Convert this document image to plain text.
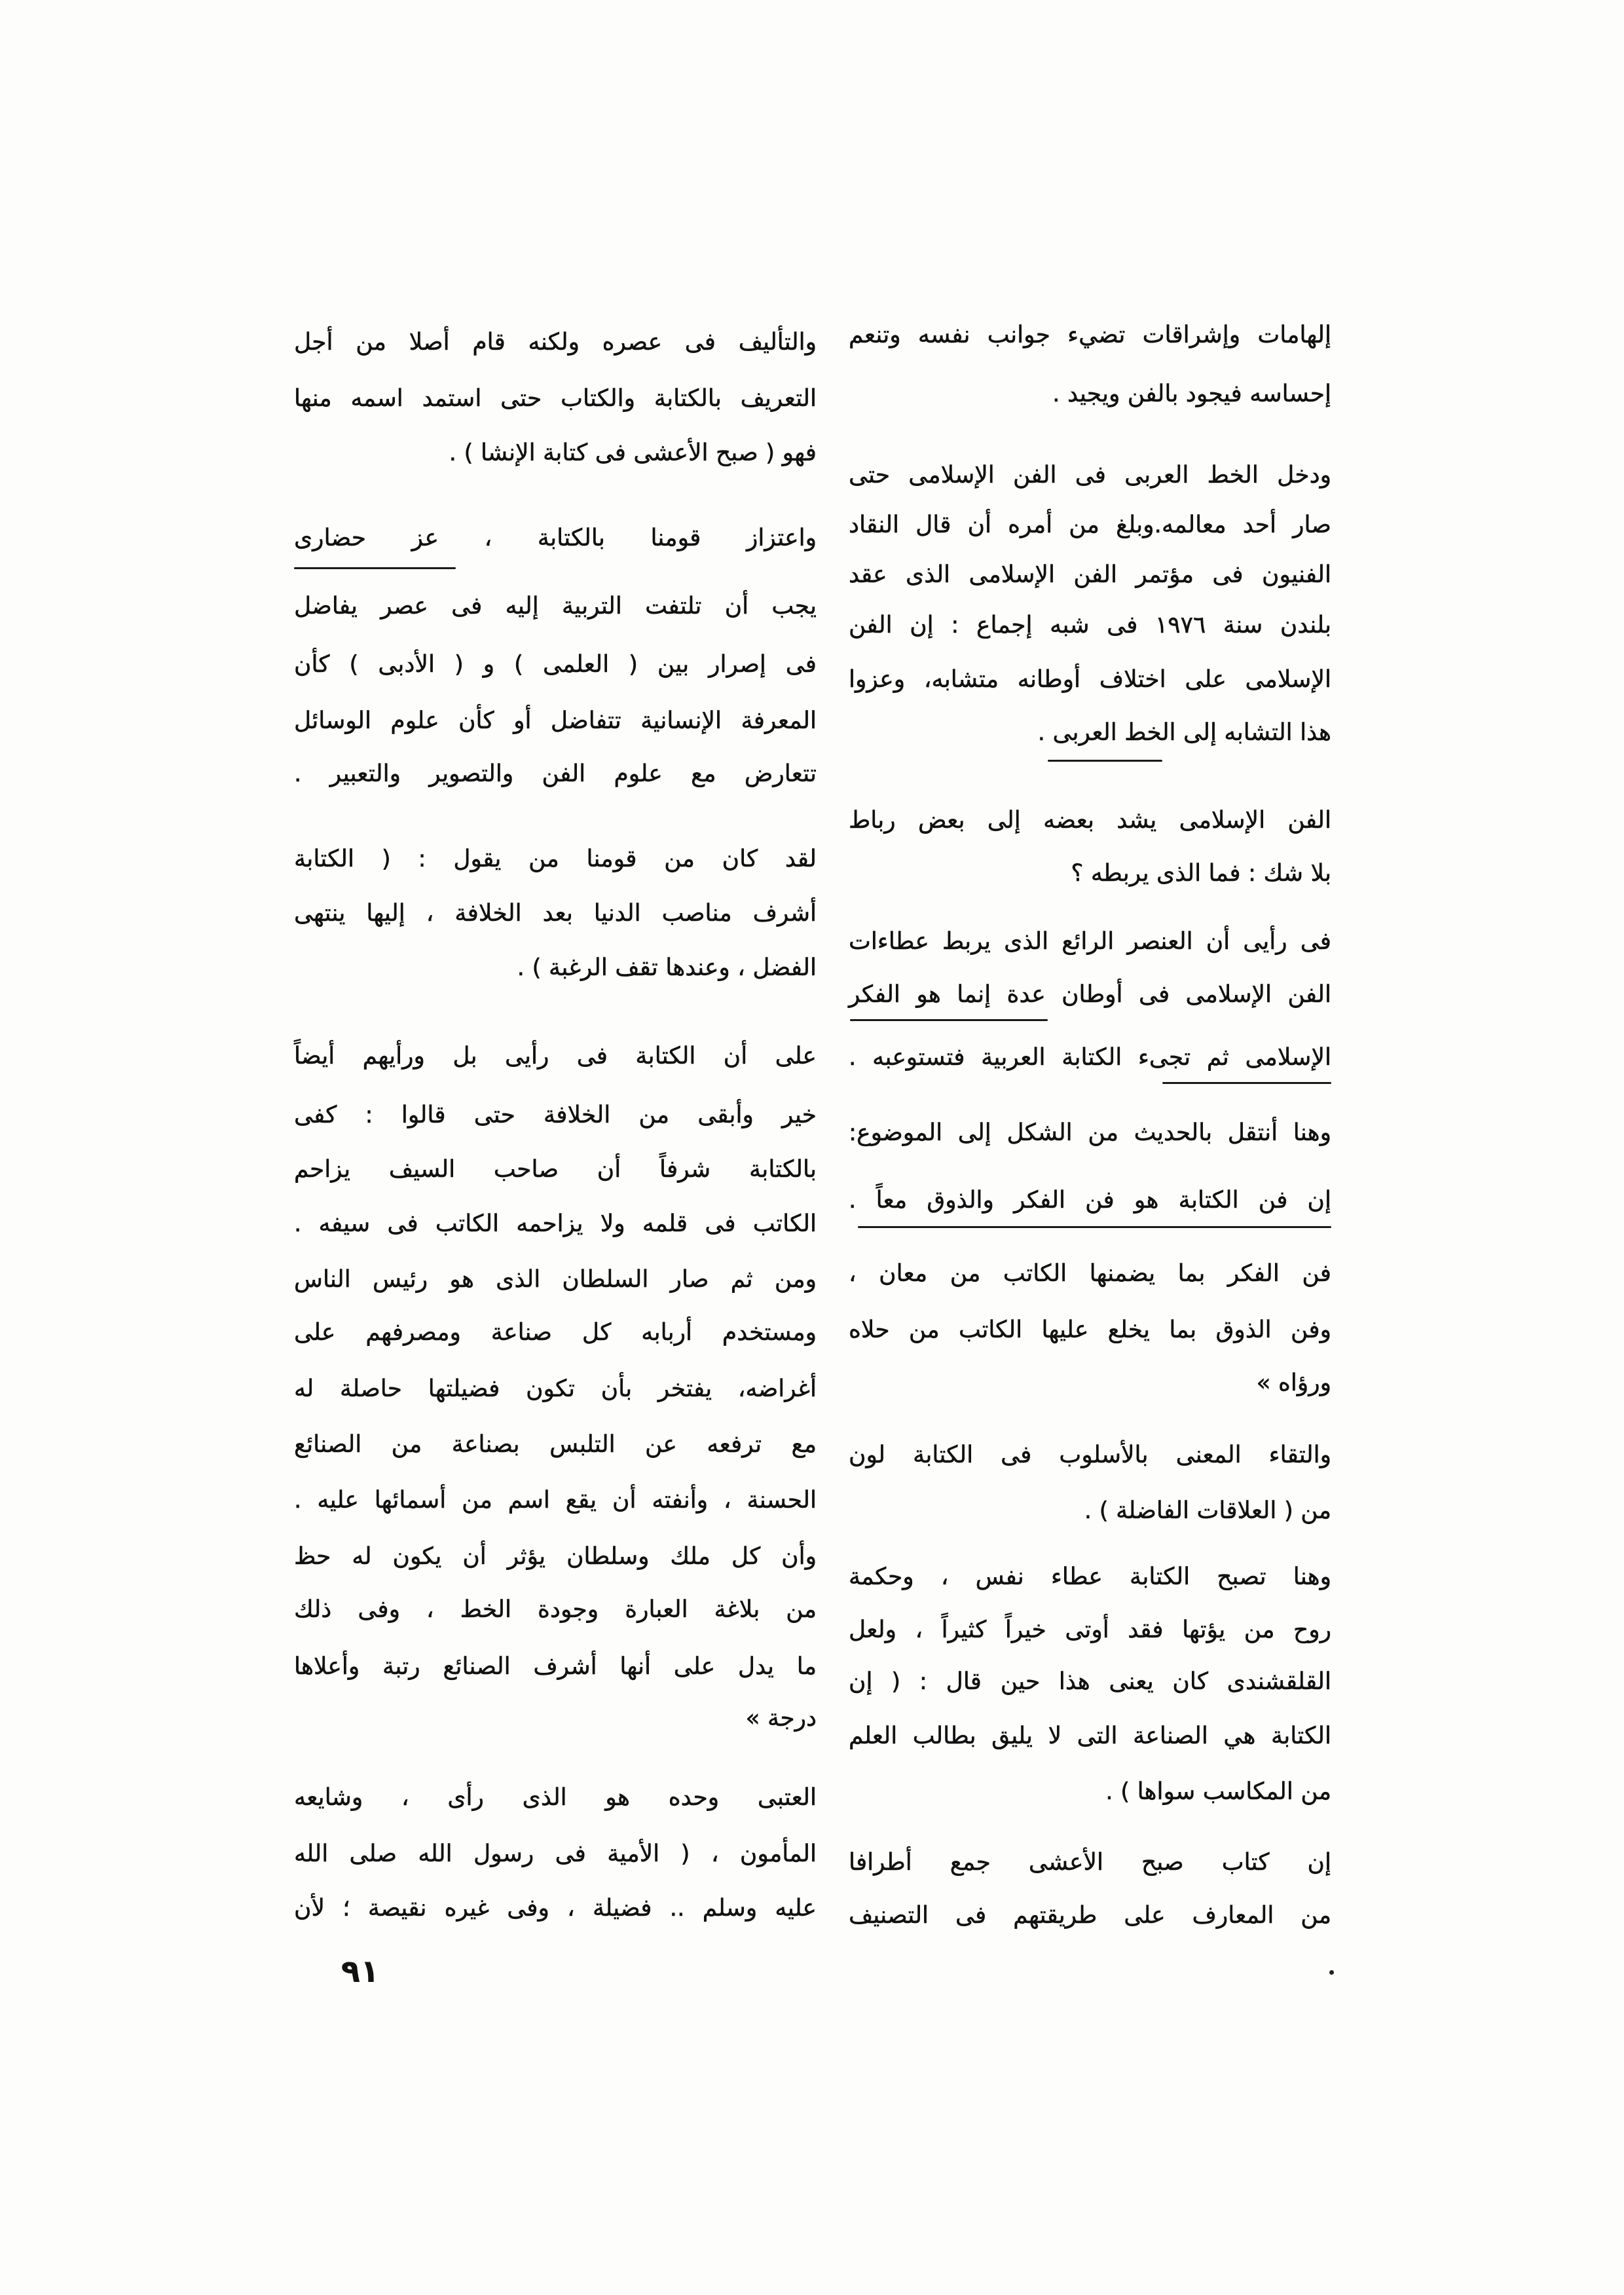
إلهامات وإشراقات تضيء جوانب نفسه وتنعم
إحساسه فيجود بالفن ويجيد .
ودخل الخط العربى فى الفن الإسلامى حتى
صار أحد معالمه.وبلغ من أمره أن قال النقاد
الفنيون فى مؤتمر الفن الإسلامى الذى عقد
بلندن سنة ١٩٧٦ فى شبه إجماع : إن الفن
الإسلامى على اختلاف أوطانه متشابه، وعزوا
هذا التشابه إلى الخط العربى .
الفن الإسلامى يشد بعضه إلى بعض رباط
بلا شك : فما الذى يربطه ؟
فى رأيى أن العنصر الرائع الذى يربط عطاءات
الفن الإسلامى فى أوطان عدة إنما هو الفكر
الإسلامى ثم تجىء الكتابة العربية فتستوعبه .
وهنا أنتقل بالحديث من الشكل إلى الموضوع:
إن فن الكتابة هو فن الفكر والذوق معاً .
فن الفكر بما يضمنها الكاتب من معان ،
وفن الذوق بما يخلع عليها الكاتب من حلاه
ورؤاه »
والتقاء المعنى بالأسلوب فى الكتابة لون
من ( العلاقات الفاضلة ) .
وهنا تصبح الكتابة عطاء نفس ، وحكمة
روح من يؤتها فقد أوتى خيراً كثيراً ، ولعل
القلقشندى كان يعنى هذا حين قال : ( إن
الكتابة هي الصناعة التى لا يليق بطالب العلم
من المكاسب سواها ) .
إن كتاب صبح الأعشى جمع أطرافا
من المعارف على طريقتهم فى التصنيف
والتأليف فى عصره ولكنه قام أصلا من أجل
التعريف بالكتابة والكتاب حتى استمد اسمه منها
فهو ( صبح الأعشى فى كتابة الإنشا ) .
واعتزاز قومنا بالكتابة ، عز حضارى
يجب أن تلتفت التربية إليه فى عصر يفاضل
فى إصرار بين ( العلمى ) و ( الأدبى ) كأن
المعرفة الإنسانية تتفاضل أو كأن علوم الوسائل
تتعارض مع علوم الفن والتصوير والتعبير .
لقد كان من قومنا من يقول : ( الكتابة
أشرف مناصب الدنيا بعد الخلافة ، إليها ينتهى
الفضل ، وعندها تقف الرغبة ) .
على أن الكتابة فى رأيى بل ورأيهم أيضاً
خير وأبقى من الخلافة حتى قالوا : كفى
بالكتابة شرفاً أن صاحب السيف يزاحم
الكاتب فى قلمه ولا يزاحمه الكاتب فى سيفه .
ومن ثم صار السلطان الذى هو رئيس الناس
ومستخدم أربابه كل صناعة ومصرفهم على
أغراضه، يفتخر بأن تكون فضيلتها حاصلة له
مع ترفعه عن التلبس بصناعة من الصنائع
الحسنة ، وأنفته أن يقع اسم من أسمائها عليه .
وأن كل ملك وسلطان يؤثر أن يكون له حظ
من بلاغة العبارة وجودة الخط ، وفى ذلك
ما يدل على أنها أشرف الصنائع رتبة وأعلاها
درجة »
العتبى وحده هو الذى رأى ، وشايعه
المأمون ، ( الأمية فى رسول الله صلى الله
عليه وسلم .. فضيلة ، وفى غيره نقيصة ؛ لأن
٩١
